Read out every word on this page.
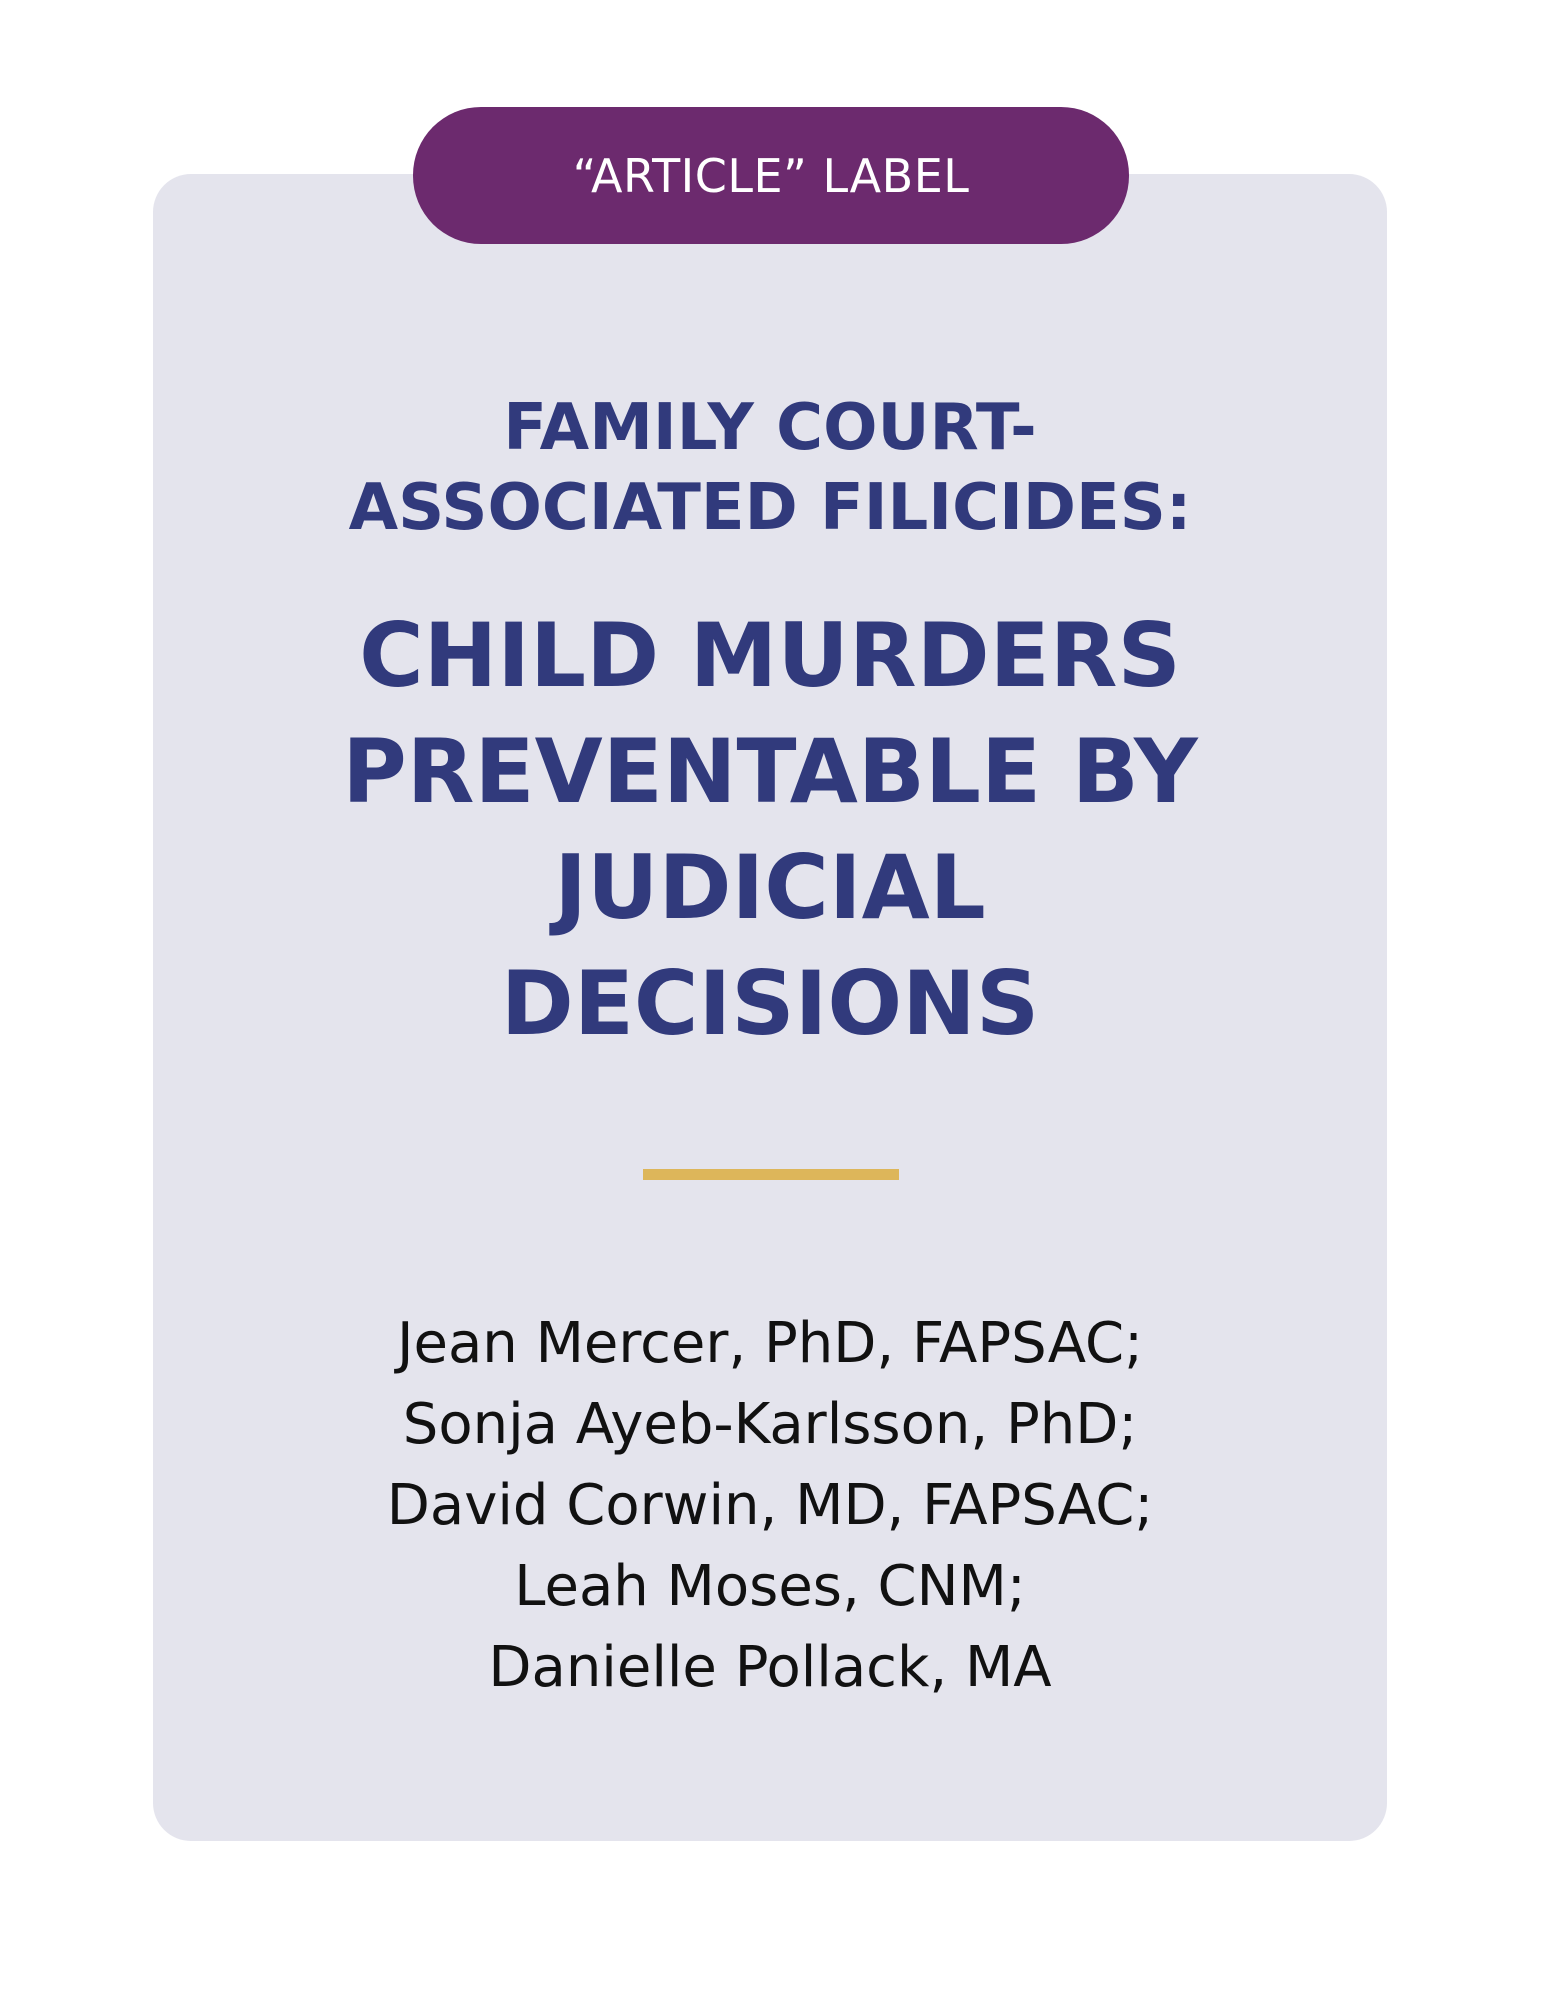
“ARTICLE” LABEL
FAMILY COURT-
ASSOCIATED FILICIDES:
CHILD MURDERS
PREVENTABLE BY
JUDICIAL
DECISIONS
Jean Mercer, PhD, FAPSAC;
Sonja Ayeb-Karlsson, PhD;
David Corwin, MD, FAPSAC;
Leah Moses, CNM;
Danielle Pollack, MA
